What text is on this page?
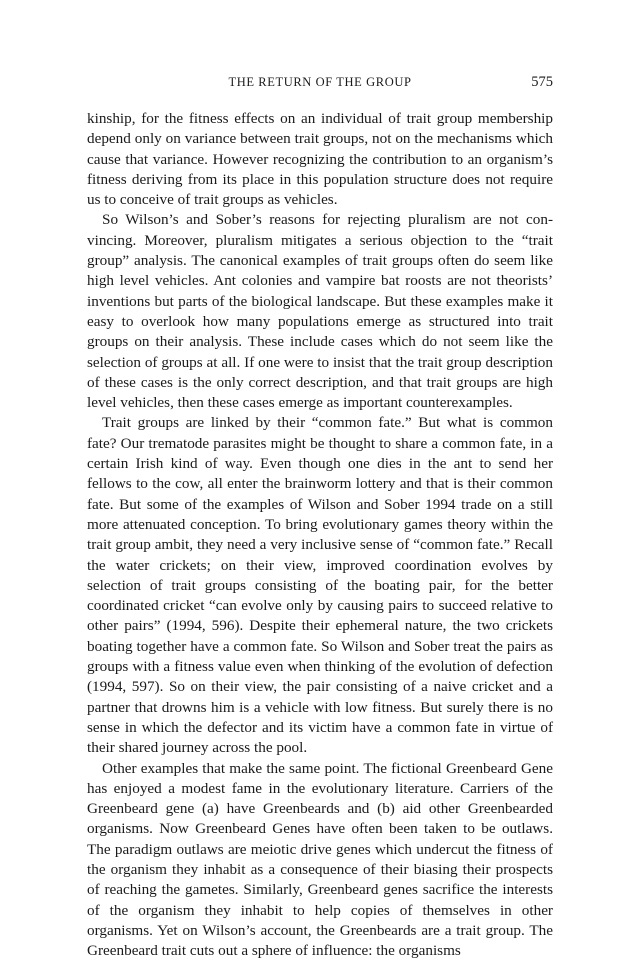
THE RETURN OF THE GROUP	575

kinship, for the fitness effects on an individual of trait group membership depend only on variance between trait groups, not on the mechanisms which cause that variance. However recognizing the contribution to an organism’s fitness deriving from its place in this population structure does not require us to conceive of trait groups as vehicles.

So Wilson’s and Sober’s reasons for rejecting pluralism are not convincing. Moreover, pluralism mitigates a serious objection to the “trait group” analysis. The canonical examples of trait groups often do seem like high level vehicles. Ant colonies and vampire bat roosts are not theorists’ inventions but parts of the biological landscape. But these examples make it easy to overlook how many populations emerge as structured into trait groups on their analysis. These include cases which do not seem like the selection of groups at all. If one were to insist that the trait group description of these cases is the only correct description, and that trait groups are high level vehicles, then these cases emerge as important counterexamples.

Trait groups are linked by their “common fate.” But what is common fate? Our trematode parasites might be thought to share a common fate, in a certain Irish kind of way. Even though one dies in the ant to send her fellows to the cow, all enter the brainworm lottery and that is their common fate. But some of the examples of Wilson and Sober 1994 trade on a still more attenuated conception. To bring evolutionary games theory within the trait group ambit, they need a very inclusive sense of “common fate.” Recall the water crickets; on their view, improved coordination evolves by selection of trait groups consisting of the boating pair, for the better coordinated cricket “can evolve only by causing pairs to succeed relative to other pairs” (1994, 596). Despite their ephemeral nature, the two crickets boating together have a common fate. So Wilson and Sober treat the pairs as groups with a fitness value even when thinking of the evolution of defection (1994, 597). So on their view, the pair consisting of a naive cricket and a partner that drowns him is a vehicle with low fitness. But surely there is no sense in which the defector and its victim have a common fate in virtue of their shared journey across the pool.

Other examples that make the same point. The fictional Greenbeard Gene has enjoyed a modest fame in the evolutionary literature. Carriers of the Greenbeard gene (a) have Greenbeards and (b) aid other Greenbearded organisms. Now Greenbeard Genes have often been taken to be outlaws. The paradigm outlaws are meiotic drive genes which undercut the fitness of the organism they inhabit as a consequence of their biasing their prospects of reaching the gametes. Similarly, Greenbeard genes sacrifice the interests of the organism they inhabit to help copies of themselves in other organisms. Yet on Wilson’s account, the Greenbeards are a trait group. The Greenbeard trait cuts out a sphere of influence: the organisms
